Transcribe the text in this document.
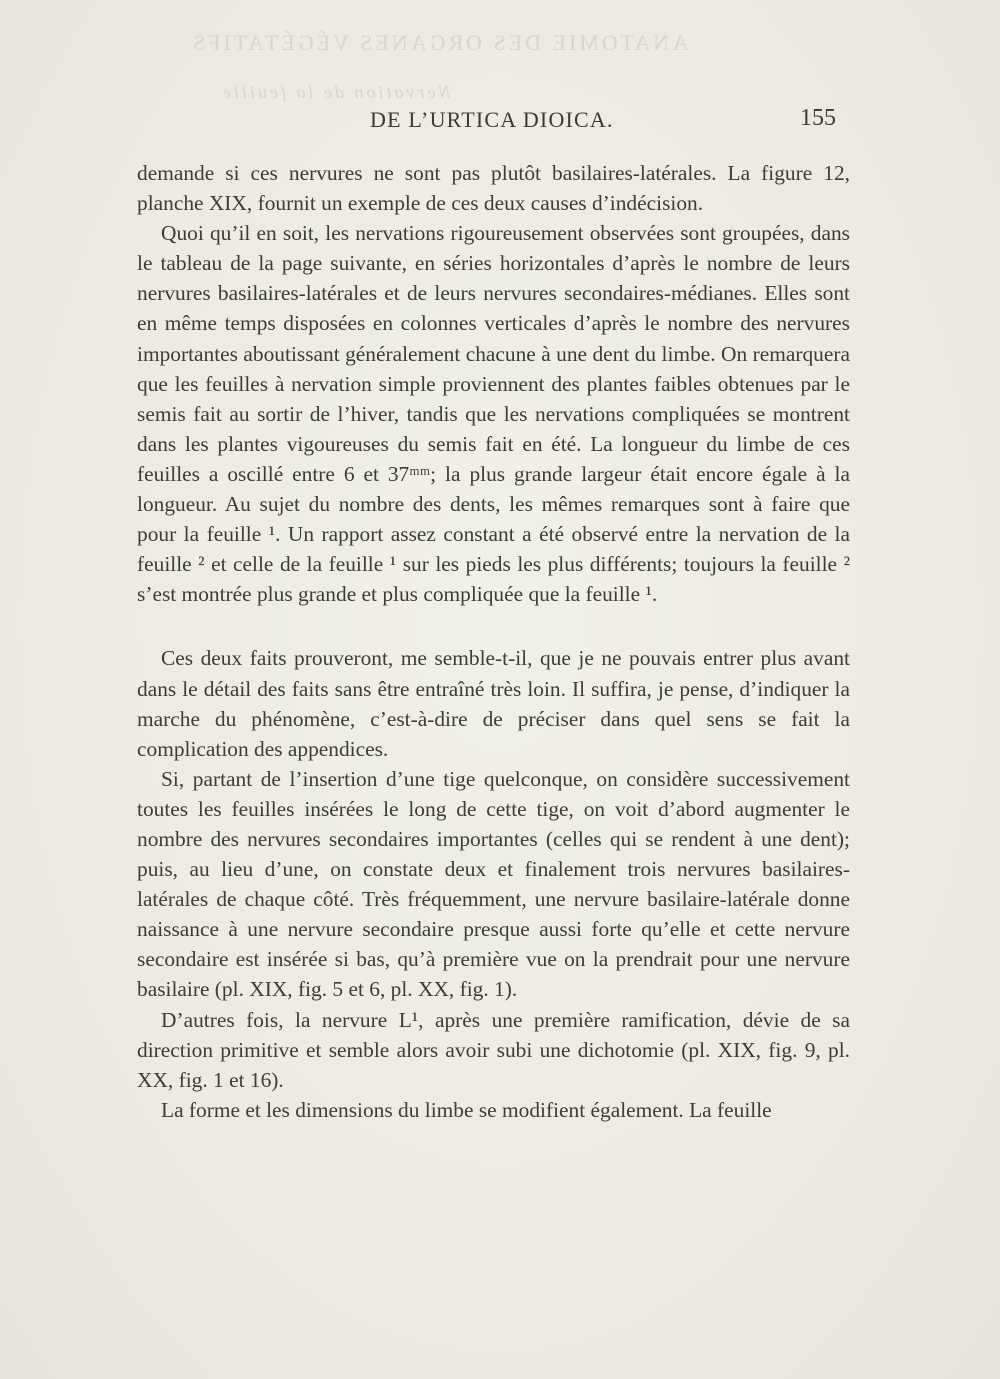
ANATOMIE DES ORGANES VÉGÉTATIFS
Nervation de la feuille
DE L’URTICA DIOICA.	155

demande si ces nervures ne sont pas plutôt basilaires-latérales. La figure 12, planche XIX, fournit un exemple de ces deux causes d’indécision.

Quoi qu’il en soit, les nervations rigoureusement observées sont groupées, dans le tableau de la page suivante, en séries horizontales d’après le nombre de leurs nervures basilaires-latérales et de leurs nervures secondaires-médianes. Elles sont en même temps disposées en colonnes verticales d’après le nombre des nervures importantes aboutissant généralement chacune à une dent du limbe. On remarquera que les feuilles à nervation simple proviennent des plantes faibles obtenues par le semis fait au sortir de l’hiver, tandis que les nervations compliquées se montrent dans les plantes vigoureuses du semis fait en été. La longueur du limbe de ces feuilles a oscillé entre 6 et 37ᵐᵐ; la plus grande largeur était encore égale à la longueur. Au sujet du nombre des dents, les mêmes remarques sont à faire que pour la feuille ¹. Un rapport assez constant a été observé entre la nervation de la feuille ² et celle de la feuille ¹ sur les pieds les plus différents; toujours la feuille ² s’est montrée plus grande et plus compliquée que la feuille ¹.

Ces deux faits prouveront, me semble-t-il, que je ne pouvais entrer plus avant dans le détail des faits sans être entraîné très loin. Il suffira, je pense, d’indiquer la marche du phénomène, c’est-à-dire de préciser dans quel sens se fait la complication des appendices.

Si, partant de l’insertion d’une tige quelconque, on considère successivement toutes les feuilles insérées le long de cette tige, on voit d’abord augmenter le nombre des nervures secondaires importantes (celles qui se rendent à une dent); puis, au lieu d’une, on constate deux et finalement trois nervures basilaires-latérales de chaque côté. Très fréquemment, une nervure basilaire-latérale donne naissance à une nervure secondaire presque aussi forte qu’elle et cette nervure secondaire est insérée si bas, qu’à première vue on la prendrait pour une nervure basilaire (pl. XIX, fig. 5 et 6, pl. XX, fig. 1).

D’autres fois, la nervure L¹, après une première ramification, dévie de sa direction primitive et semble alors avoir subi une dichotomie (pl. XIX, fig. 9, pl. XX, fig. 1 et 16).

La forme et les dimensions du limbe se modifient également. La feuille
